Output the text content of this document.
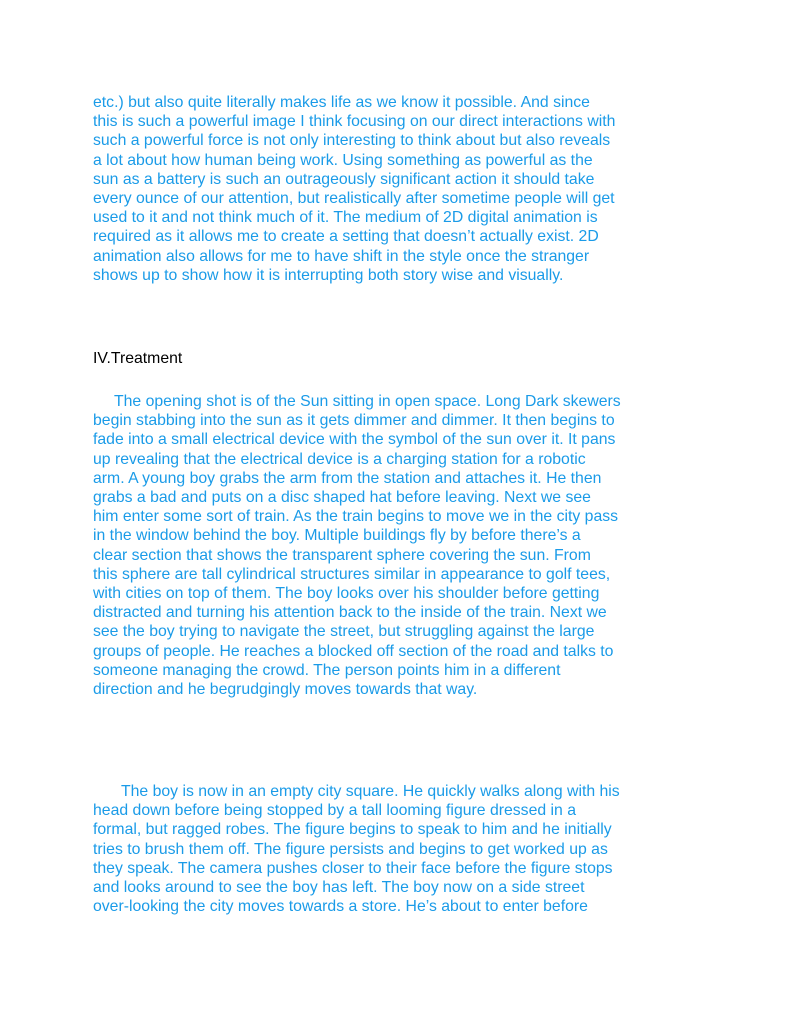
etc.) but also quite literally makes life as we know it possible. And since
this is such a powerful image I think focusing on our direct interactions with
such a powerful force is not only interesting to think about but also reveals
a lot about how human being work. Using something as powerful as the
sun as a battery is such an outrageously significant action it should take
every ounce of our attention, but realistically after sometime people will get
used to it and not think much of it. The medium of 2D digital animation is
required as it allows me to create a setting that doesn’t actually exist. 2D
animation also allows for me to have shift in the style once the stranger
shows up to show how it is interrupting both story wise and visually.
IV.Treatment
The opening shot is of the Sun sitting in open space. Long Dark skewers
begin stabbing into the sun as it gets dimmer and dimmer. It then begins to
fade into a small electrical device with the symbol of the sun over it. It pans
up revealing that the electrical device is a charging station for a robotic
arm. A young boy grabs the arm from the station and attaches it. He then
grabs a bad and puts on a disc shaped hat before leaving. Next we see
him enter some sort of train. As the train begins to move we in the city pass
in the window behind the boy. Multiple buildings fly by before there’s a
clear section that shows the transparent sphere covering the sun. From
this sphere are tall cylindrical structures similar in appearance to golf tees,
with cities on top of them. The boy looks over his shoulder before getting
distracted and turning his attention back to the inside of the train. Next we
see the boy trying to navigate the street, but struggling against the large
groups of people. He reaches a blocked off section of the road and talks to
someone managing the crowd. The person points him in a different
direction and he begrudgingly moves towards that way.
The boy is now in an empty city square. He quickly walks along with his
head down before being stopped by a tall looming figure dressed in a
formal, but ragged robes. The figure begins to speak to him and he initially
tries to brush them off. The figure persists and begins to get worked up as
they speak. The camera pushes closer to their face before the figure stops
and looks around to see the boy has left. The boy now on a side street
over-looking the city moves towards a store. He’s about to enter before
